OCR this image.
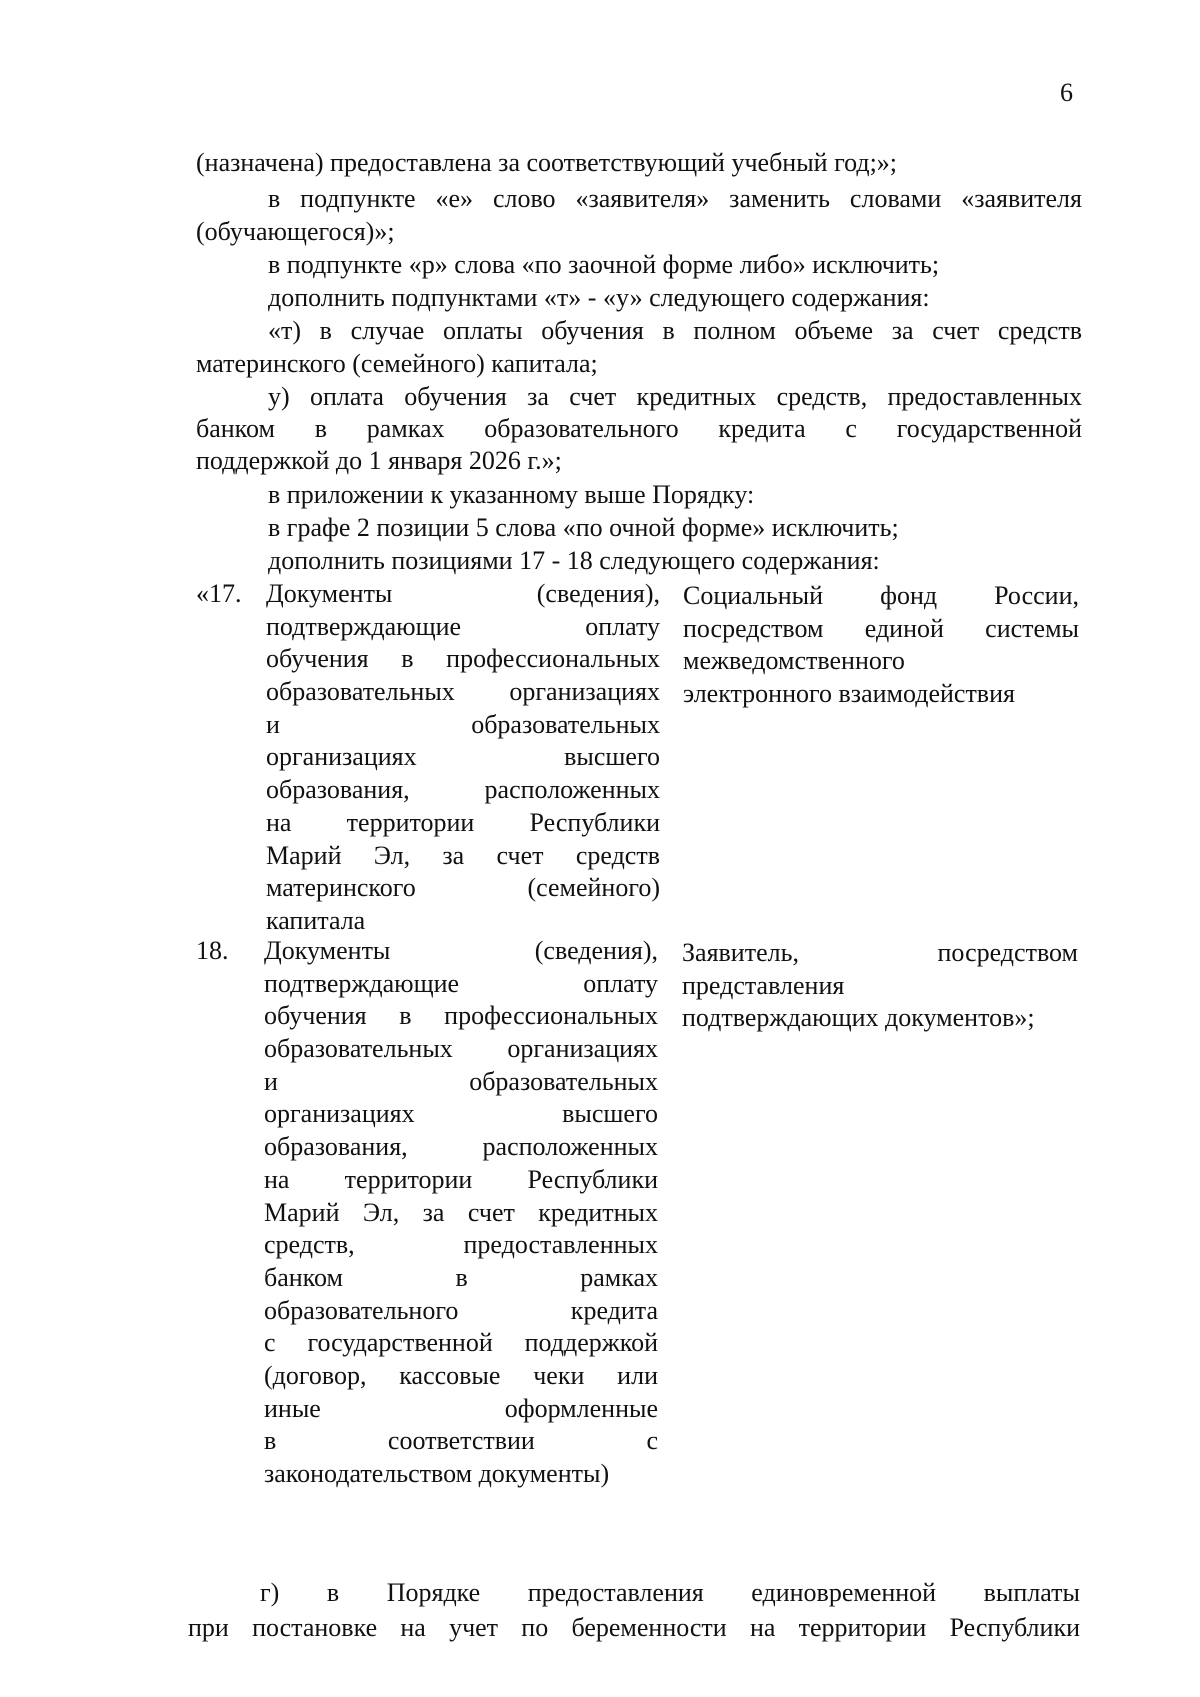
6
(назначена) предоставлена за соответствующий учебный год;»;
в подпункте «е» слово «заявителя» заменить словами «заявителя
(обучающегося)»;
в подпункте «р» слова «по заочной форме либо» исключить;
дополнить подпунктами «т» - «у» следующего содержания:
«т) в случае оплаты обучения в полном объеме за счет средств
материнского (семейного) капитала;
у) оплата обучения за счет кредитных средств, предоставленных
банком в рамках образовательного кредита с государственной
поддержкой до 1 января 2026 г.»;
в приложении к указанному выше Порядку:
в графе 2 позиции 5 слова «по очной форме» исключить;
дополнить позициями 17 - 18 следующего содержания:
«17. Документы (сведения),
подтверждающие оплату
обучения в профессиональных
образовательных организациях
и образовательных
организациях высшего
образования, расположенных
на территории Республики
Марий Эл, за счет средств
материнского (семейного)
капитала
Социальный фонд России,
посредством единой системы
межведомственного
электронного взаимодействия
18. Документы (сведения),
подтверждающие оплату
обучения в профессиональных
образовательных организациях
и образовательных
организациях высшего
образования, расположенных
на территории Республики
Марий Эл, за счет кредитных
средств, предоставленных
банком в рамках
образовательного кредита
с государственной поддержкой
(договор, кассовые чеки или
иные оформленные
в соответствии с
законодательством документы)
Заявитель, посредством
представления
подтверждающих документов»;
г) в Порядке предоставления единовременной выплаты
при постановке на учет по беременности на территории Республики
